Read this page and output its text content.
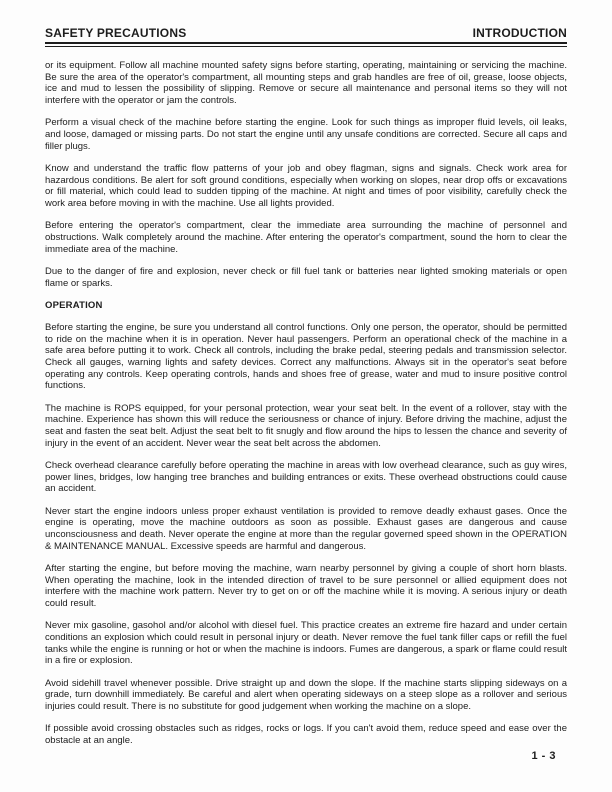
SAFETY PRECAUTIONS	INTRODUCTION

or its equipment. Follow all machine mounted safety signs before starting, operating, maintaining or servicing the machine. Be sure the area of the operator's compartment, all mounting steps and grab handles are free of oil, grease, loose objects, ice and mud to lessen the possibility of slipping. Remove or secure all maintenance and personal items so they will not interfere with the operator or jam the controls.

Perform a visual check of the machine before starting the engine. Look for such things as improper fluid levels, oil leaks, and loose, damaged or missing parts. Do not start the engine until any unsafe conditions are corrected. Secure all caps and filler plugs.

Know and understand the traffic flow patterns of your job and obey flagman, signs and signals. Check work area for hazardous conditions. Be alert for soft ground conditions, especially when working on slopes, near drop offs or excavations or fill material, which could lead to sudden tipping of the machine. At night and times of poor visibility, carefully check the work area before moving in with the machine. Use all lights provided.

Before entering the operator's compartment, clear the immediate area surrounding the machine of personnel and obstructions. Walk completely around the machine. After entering the operator's compartment, sound the horn to clear the immediate area of the machine.

Due to the danger of fire and explosion, never check or fill fuel tank or batteries near lighted smoking materials or open flame or sparks.

OPERATION

Before starting the engine, be sure you understand all control functions. Only one person, the operator, should be permitted to ride on the machine when it is in operation. Never haul passengers. Perform an operational check of the machine in a safe area before putting it to work. Check all controls, including the brake pedal, steering pedals and transmission selector. Check all gauges, warning lights and safety devices. Correct any malfunctions. Always sit in the operator's seat before operating any controls. Keep operating controls, hands and shoes free of grease, water and mud to insure positive control functions.

The machine is ROPS equipped, for your personal protection, wear your seat belt. In the event of a rollover, stay with the machine. Experience has shown this will reduce the seriousness or chance of injury. Before driving the machine, adjust the seat and fasten the seat belt. Adjust the seat belt to fit snugly and flow around the hips to lessen the chance and severity of injury in the event of an accident. Never wear the seat belt across the abdomen.

Check overhead clearance carefully before operating the machine in areas with low overhead clearance, such as guy wires, power lines, bridges, low hanging tree branches and building entrances or exits. These overhead obstructions could cause an accident.

Never start the engine indoors unless proper exhaust ventilation is provided to remove deadly exhaust gases. Once the engine is operating, move the machine outdoors as soon as possible. Exhaust gases are dangerous and cause unconsciousness and death. Never operate the engine at more than the regular governed speed shown in the OPERATION & MAINTENANCE MANUAL. Excessive speeds are harmful and dangerous.

After starting the engine, but before moving the machine, warn nearby personnel by giving a couple of short horn blasts. When operating the machine, look in the intended direction of travel to be sure personnel or allied equipment does not interfere with the machine work pattern. Never try to get on or off the machine while it is moving. A serious injury or death could result.

Never mix gasoline, gasohol and/or alcohol with diesel fuel. This practice creates an extreme fire hazard and under certain conditions an explosion which could result in personal injury or death. Never remove the fuel tank filler caps or refill the fuel tanks while the engine is running or hot or when the machine is indoors. Fumes are dangerous, a spark or flame could result in a fire or explosion.

Avoid sidehill travel whenever possible. Drive straight up and down the slope. If the machine starts slipping sideways on a grade, turn downhill immediately. Be careful and alert when operating sideways on a steep slope as a rollover and serious injuries could result. There is no substitute for good judgement when working the machine on a slope.

If possible avoid crossing obstacles such as ridges, rocks or logs. If you can't avoid them, reduce speed and ease over the obstacle at an angle.

1 - 3
